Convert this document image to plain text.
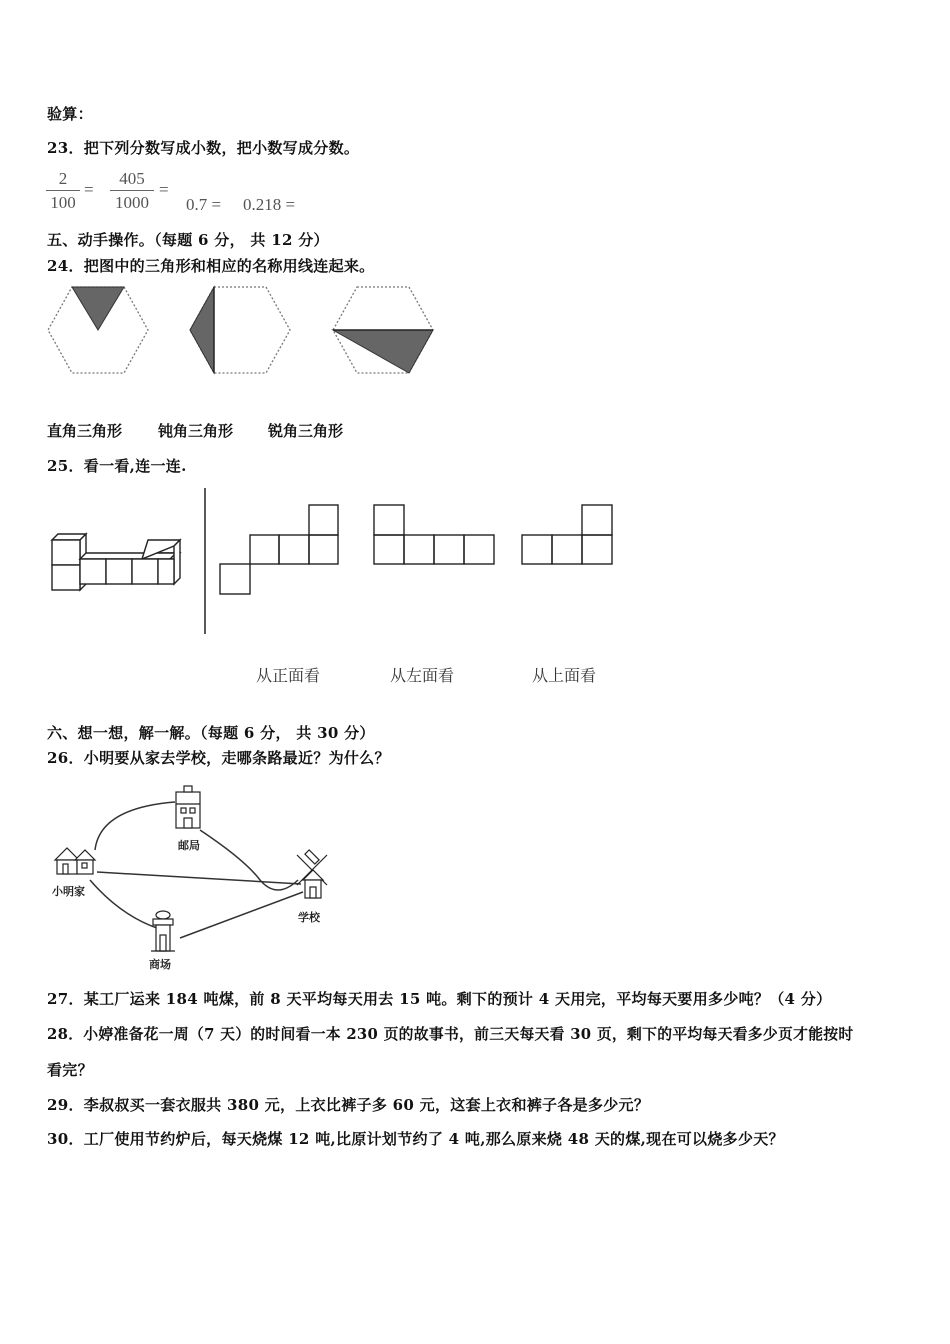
验算：
23．把下列分数写成小数，把小数写成分数。
$\frac{2}{100} = \frac{405}{1000}$ =
0.7 = 0.218 =
五、动手操作。（每题 6 分， 共 12 分）
24．把图中的三角形和相应的名称用线连起来。
直角三角形 钝角三角形 锐角三角形
25．看一看,连一连.
从正面看	从左面看	从上面看
六、想一想，解一解。（每题 6 分， 共 30 分）
26．小明要从家去学校，走哪条路最近？为什么？
邮局
小明家
学校
商场
27．某工厂运来 184 吨煤，前 8 天平均每天用去 15 吨。剩下的预计 4 天用完，平均每天要用多少吨？（4 分）
28．小婷准备花一周（7 天）的时间看一本 230 页的故事书，前三天每天看 30 页，剩下的平均每天看多少页才能按时
看完？
29．李叔叔买一套衣服共 380 元，上衣比裤子多 60 元，这套上衣和裤子各是多少元？
30．工厂使用节约炉后，每天烧煤 12 吨,比原计划节约了 4 吨,那么原来烧 48 天的煤,现在可以烧多少天？
